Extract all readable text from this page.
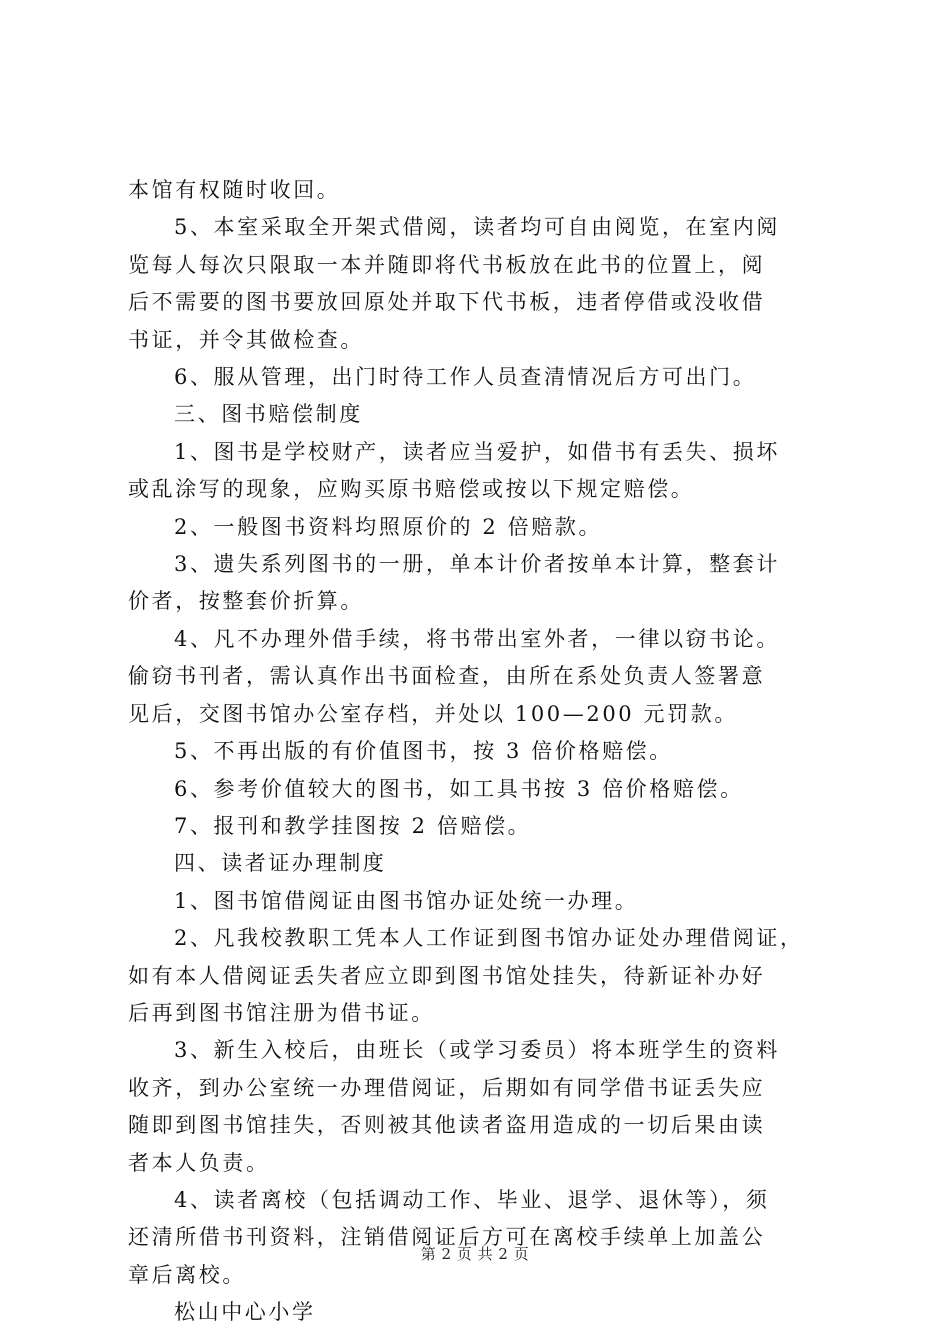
本馆有权随时收回。

5、本室采取全开架式借阅，读者均可自由阅览，在室内阅

览每人每次只限取一本并随即将代书板放在此书的位置上，阅

后不需要的图书要放回原处并取下代书板，违者停借或没收借

书证，并令其做检查。

6、服从管理，出门时待工作人员查清情况后方可出门。

三、图书赔偿制度

1、图书是学校财产，读者应当爱护，如借书有丢失、损坏

或乱涂写的现象，应购买原书赔偿或按以下规定赔偿。

2、一般图书资料均照原价的 2 倍赔款。

3、遗失系列图书的一册，单本计价者按单本计算，整套计

价者，按整套价折算。

4、凡不办理外借手续，将书带出室外者，一律以窃书论。

偷窃书刊者，需认真作出书面检查，由所在系处负责人签署意

见后，交图书馆办公室存档，并处以 100—200 元罚款。

5、不再出版的有价值图书，按 3 倍价格赔偿。

6、参考价值较大的图书，如工具书按 3 倍价格赔偿。

7、报刊和教学挂图按 2 倍赔偿。

四、读者证办理制度

1、图书馆借阅证由图书馆办证处统一办理。

2、凡我校教职工凭本人工作证到图书馆办证处办理借阅证，

如有本人借阅证丢失者应立即到图书馆处挂失，待新证补办好

后再到图书馆注册为借书证。

3、新生入校后，由班长（或学习委员）将本班学生的资料

收齐，到办公室统一办理借阅证，后期如有同学借书证丢失应

随即到图书馆挂失，否则被其他读者盗用造成的一切后果由读

者本人负责。

4、读者离校（包括调动工作、毕业、退学、退休等），须

还清所借书刊资料，注销借阅证后方可在离校手续单上加盖公

章后离校。

松山中心小学

第 2 页 共 2 页
